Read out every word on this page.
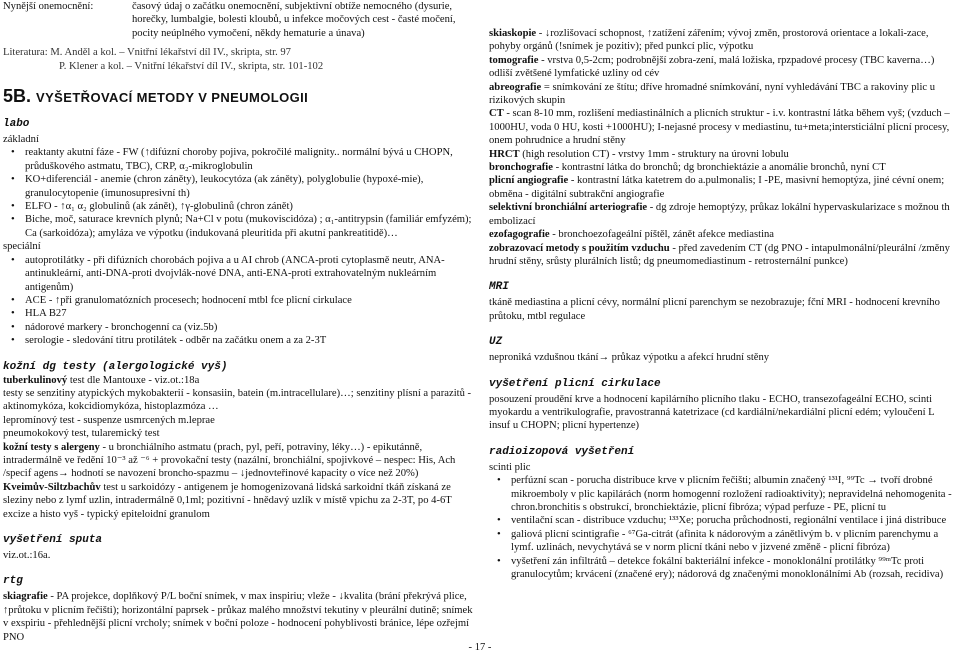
Nynější onemocnění:	časový údaj o začátku onemocnění, subjektivní obtíže nemocného (dysurie, horečky, lumbalgie, bolesti kloubů, u infekce močových cest - časté močení, pocity neúplného vymočení, někdy hematurie a únava)

Literatura: M. Anděl a kol. – Vnitřní lékařství díl IV., skripta, str. 97

P. Klener a kol. – Vnitřní lékařství díl IV., skripta, str. 101-102

5B. VYŠETŘOVACÍ METODY V PNEUMOLOGII

labo

základní

• reaktanty akutní fáze - FW (↑difúzní choroby pojiva, pokročilé malignity.. normální bývá u CHOPN, průduškového astmatu, TBC), CRP, α₂-mikroglobulin
• KO+diferenciál - anemie (chron záněty), leukocytóza (ak záněty), polyglobulie (hypoxé-mie), granulocytopenie (imunosupresivní th)
• ELFO - ↑α₁ α₂ globulinů (ak zánět), ↑γ-globulinů (chron zánět)
• Biche, moč, saturace krevních plynů; Na+Cl v potu (mukoviscidóza) ; α₁-antitrypsin (familiár emfyzém); Ca (sarkoidóza); amyláza ve výpotku (indukovaná pleuritida při akutní pankreatitidě)…

speciální

• autoprotilátky - při difúzních chorobách pojiva a u AI chrob (ANCA-proti cytoplasmě neutr, ANA-antinukleární, anti-DNA-proti dvojvlák-nové DNA, anti-ENA-proti extrahovatelným nukleárním antigenům)
• ACE - ↑při granulomatózních procesech; hodnocení mtbl fce plicní cirkulace
• HLA B27
• nádorové markery - bronchogenní ca (viz.5b)
• serologie - sledování titru protilátek - odběr na začátku onem a za 2-3T

kožní dg testy (alergologické vyš)

tuberkulinový test dle Mantouxe - viz.ot.:18a

testy se senzitiny atypických mykobakterií - konsasiin, batein (m.intracellulare)…; senzitiny plísní a parazitů - aktinomykóza, kokcidiomykóza, histoplazmóza …

lepromínový test - suspenze usmrcených m.leprae

pneumokokový test, tularemický test

kožní testy s alergeny - u bronchiálního astmatu (prach, pyl, peří, potraviny, léky…) - epikutánně, intradermálně ve ředění 10⁻³ až ⁻⁶ + provokační testy (nazální, bronchiální, spojivkové – nespec: His, Ach /specif agens→ hodnotí se navození broncho-spazmu – ↓jednovteřinové kapacity o více než 20%)

Kveimův-Siltzbachův test u sarkoidózy - antigenem je homogenizovaná lidská sarkoidní tkáň získaná ze sleziny nebo z lymf uzlin, intradermálně 0,1ml; pozitivní - hnědavý uzlík v místě vpichu za 2-3T, po 4-6T excize a histo vyš - typický epiteloidní granulom

vyšetření sputa

viz.ot.:16a.

rtg

skiagrafie - PA projekce, doplňkový P/L boční snímek, v max inspiriu; vleže - ↓kvalita (brání překrývá plice, ↑průtoku v plicním řečišti); horizontální paprsek - průkaz malého množství tekutiny v pleurální dutině; snímek v exspiriu - přehlednější plicní vrcholy; snímek v boční poloze - hodnocení pohyblivosti bránice, lépe ozřejmí PNO

skiaskopie - ↓rozlišovací schopnost, ↑zatížení zářením; vývoj změn, prostorová orientace a lokali-zace, pohyby orgánů (!snímek je pozitiv); před punkcí plic, výpotku

tomografie - vrstva 0,5-2cm; podrobnější zobra-zení, malá ložiska, rpzpadové procesy (TBC kaverna…) odliší zvětšené lymfatické uzliny od cév

abreografie = snímkování ze štítu; dříve hromadné snímkování, nyní vyhledávání TBC a rakoviny plic u rizikových skupin

CT - scan 8-10 mm, rozlišení mediastinálních a plicních struktur - i.v. kontrastní látka během vyš; (vzduch –1000HU, voda 0 HU, kosti +1000HU); I-nejasné procesy v mediastinu, tu+meta;intersticiální plicní procesy, onem pohrudnice a hrudní stěny

HRCT (high resolution CT) - vrstvy 1mm - struktury na úrovni lobulu

bronchografie - kontrastní látka do bronchů; dg bronchiektázie a anomálie bronchů, nyní CT

plicní angiografie - kontrastní látka katetrem do a.pulmonalis; I -PE, masivní hemoptýza, jiné cévní onem; obměna - digitální subtrakční angiografie

selektivní bronchiální arteriografie - dg zdroje hemoptýzy, průkaz lokální hypervaskularizace s možnou th embolizací

ezofagografie - bronchoezofageální píštěl, zánět afekce mediastina

zobrazovací metody s použitím vzduchu - před zavedením CT (dg PNO - intapulmonální/pleurální /změny hrudní stěny, srůsty plurálních listů; dg pneumomediastinum - retrosternální punkce)

MRI

tkáně mediastina a plicní cévy, normální plicní parenchym se nezobrazuje; fční MRI - hodnocení krevního průtoku, mtbl regulace

UZ

neproniká vzdušnou tkání→ průkaz výpotku a afekcí hrudní stěny

vyšetření plicní cirkulace

posouzení proudění krve a hodnocení kapilárního plicního tlaku - ECHO, transezofageální ECHO, scinti myokardu a ventrikulografie, pravostranná katetrizace (cd kardiální/nekardiální plicní edém; vyloučení L insuf u CHOPN; plicní hypertenze)

radioizopová vyšetření

scinti plic

• perfúzní scan - porucha distribuce krve v plicním řečišti; albumin značený ¹³¹I, ⁹⁹Tc → tvoří drobné mikroemboly v plic kapilárách (norm homogenní rozložení radioaktivity); nepravidelná nehomogenita - chron.bronchitis s obstrukcí, bronchiektázie, plicní fibróza; výpad perfuze - PE, plicní tu
• ventilační scan - distribuce vzduchu; ¹³³Xe; porucha průchodnosti, regionální ventilace i jiná distribuce
• galiová plicní scintigrafie - ⁶⁷Ga-citrát (afinita k nádorovým a zánětlivým b. v plicním parenchymu a lymf. uzlinách, nevychytává se v norm plicní tkáni nebo v jizvené změně - plicní fibróza)
• vyšetření zán infiltrátů – detekce fokální bakteriální infekce - monoklonální protilátky ⁹⁹ᵐTc proti granulocytům; krvácení (značené ery); nádorová dg značenými monoklonálními Ab (rozsah, recidiva)
- 17 -
